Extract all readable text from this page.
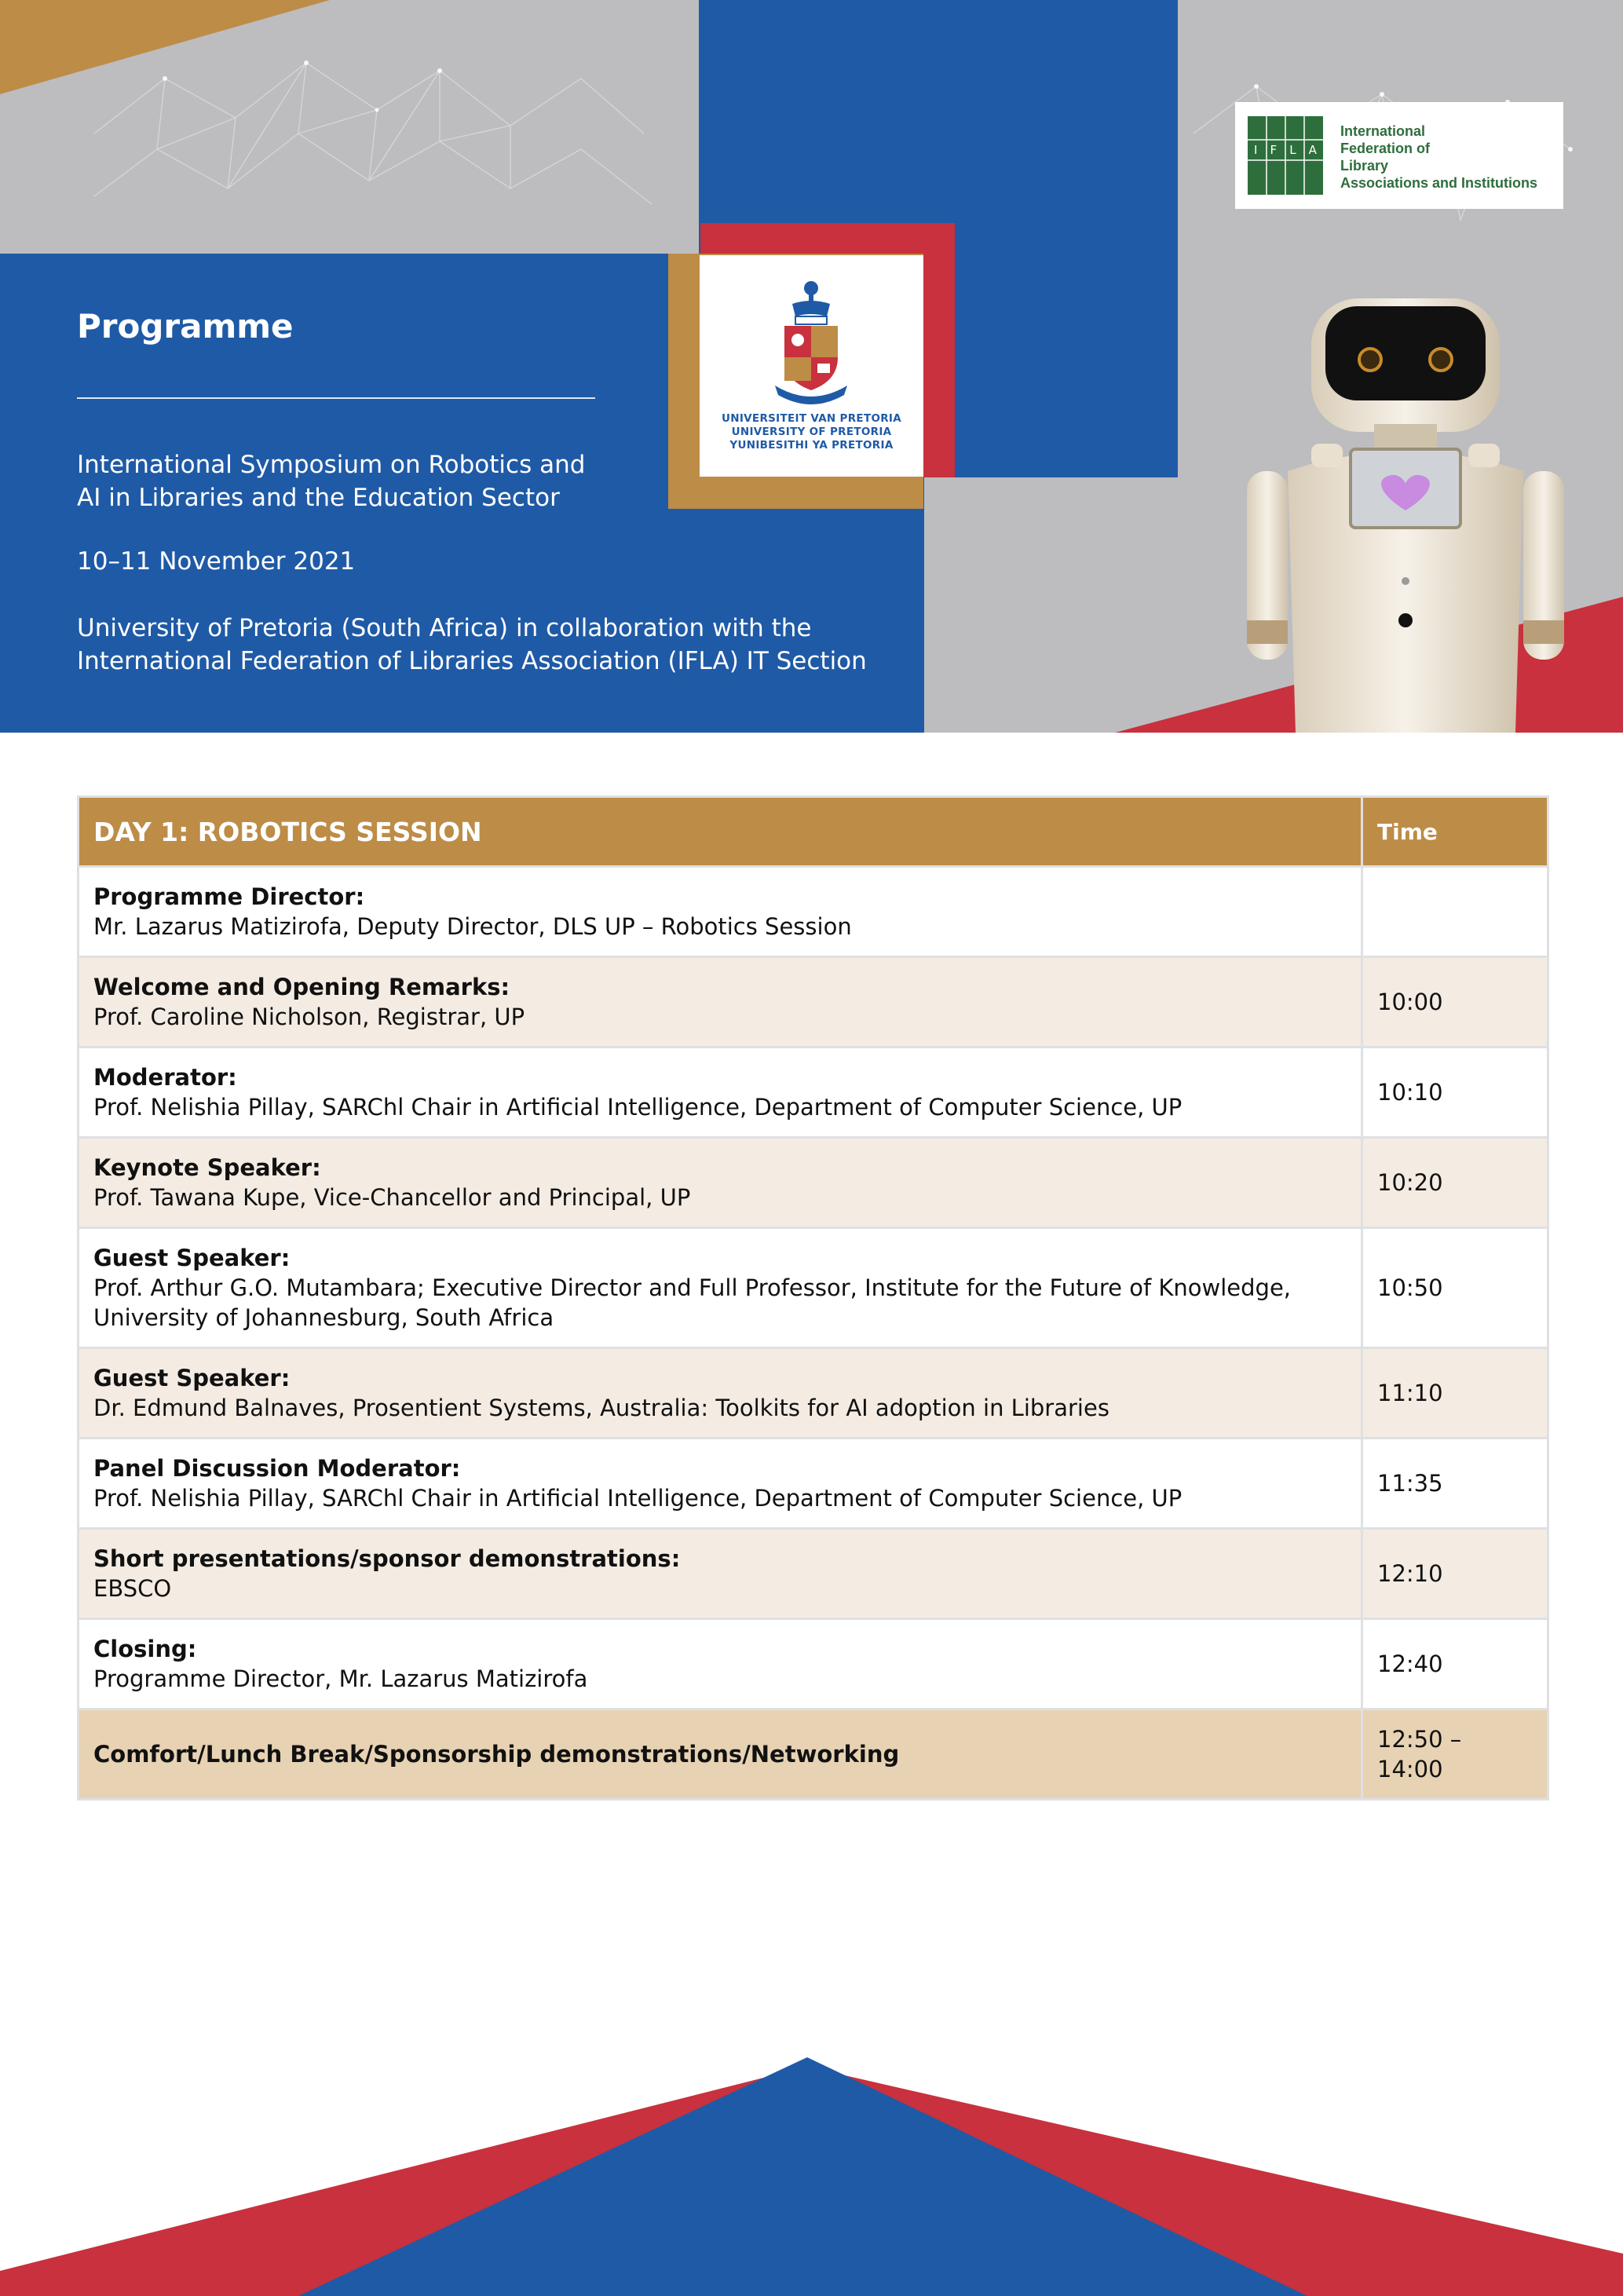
UNIVERSITEIT VAN PRETORIA
UNIVERSITY OF PRETORIA
YUNIBESITHI YA PRETORIA
I F L A
International
Federation of
Library
Associations and Institutions
Programme
International Symposium on Robotics and
AI in Libraries and the Education Sector
10–11 November 2021
University of Pretoria (South Africa) in collaboration with the
International Federation of Libraries Association (IFLA) IT Section
DAY 1: ROBOTICS SESSION	Time

Programme Director:
Mr. Lazarus Matizirofa, Deputy Director, DLS UP – Robotics Session	

Welcome and Opening Remarks:
Prof. Caroline Nicholson, Registrar, UP	10:00

Moderator:
Prof. Nelishia Pillay, SARChl Chair in Artificial Intelligence, Department of Computer Science, UP	10:10

Keynote Speaker:
Prof. Tawana Kupe, Vice-Chancellor and Principal, UP	10:20

Guest Speaker:
Prof. Arthur G.O. Mutambara; Executive Director and Full Professor, Institute for the Future of Knowledge, University of Johannesburg, South Africa	10:50

Guest Speaker:
Dr. Edmund Balnaves, Prosentient Systems, Australia: Toolkits for AI adoption in Libraries	11:10

Panel Discussion Moderator:
Prof. Nelishia Pillay, SARChl Chair in Artificial Intelligence, Department of Computer Science, UP	11:35

Short presentations/sponsor demonstrations:
EBSCO	12:10

Closing:
Programme Director, Mr. Lazarus Matizirofa	12:40
Comfort/Lunch Break/Sponsorship demonstrations/Networking	12:50 – 14:00
